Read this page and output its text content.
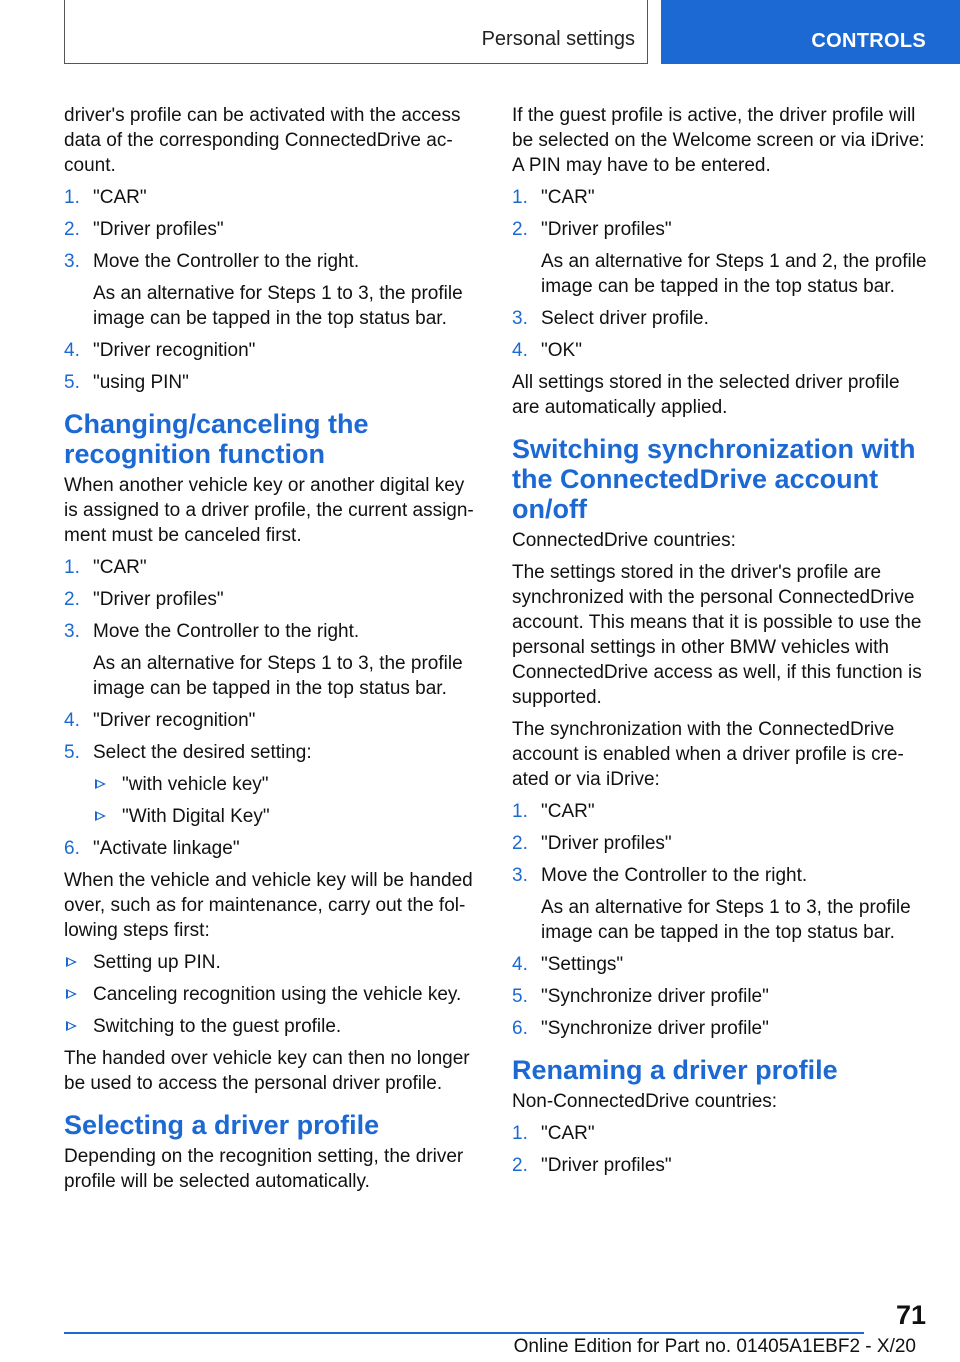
Personal settings	CONTROLS

driver's profile can be activated with the access data of the corresponding ConnectedDrive ac‐ count.

1. "CAR"
2. "Driver profiles"
3. Move the Controller to the right.
As an alternative for Steps 1 to 3, the profile image can be tapped in the top status bar.
4. "Driver recognition"
5. "using PIN"
Changing/canceling the recognition function

When another vehicle key or another digital key is assigned to a driver profile, the current assign‐ ment must be canceled first.

1. "CAR"
2. "Driver profiles"
3. Move the Controller to the right.
As an alternative for Steps 1 to 3, the profile image can be tapped in the top status bar.
4. "Driver recognition"
5. Select the desired setting:
"with vehicle key"
"With Digital Key"
6. "Activate linkage"

When the vehicle and vehicle key will be handed over, such as for maintenance, carry out the fol‐ lowing steps first:

Setting up PIN.
Canceling recognition using the vehicle key.
Switching to the guest profile.

The handed over vehicle key can then no longer be used to access the personal driver profile.

Selecting a driver profile

Depending on the recognition setting, the driver profile will be selected automatically.

If the guest profile is active, the driver profile will be selected on the Welcome screen or via iDrive: A PIN may have to be entered.

1. "CAR"
2. "Driver profiles"
As an alternative for Steps 1 and 2, the profile image can be tapped in the top status bar.
3. Select driver profile.
4. "OK"

All settings stored in the selected driver profile are automatically applied.

Switching synchronization with the ConnectedDrive account on/off

ConnectedDrive countries:

The settings stored in the driver's profile are synchronized with the personal ConnectedDrive account. This means that it is possible to use the personal settings in other BMW vehicles with ConnectedDrive access as well, if this function is supported.

The synchronization with the ConnectedDrive account is enabled when a driver profile is cre‐ ated or via iDrive:

1. "CAR"
2. "Driver profiles"
3. Move the Controller to the right.
As an alternative for Steps 1 to 3, the profile image can be tapped in the top status bar.
4. "Settings"
5. "Synchronize driver profile"
6. "Synchronize driver profile"
Renaming a driver profile

Non-ConnectedDrive countries:

1. "CAR"
2. "Driver profiles"
71
Online Edition for Part no. 01405A1EBF2 - X/20
